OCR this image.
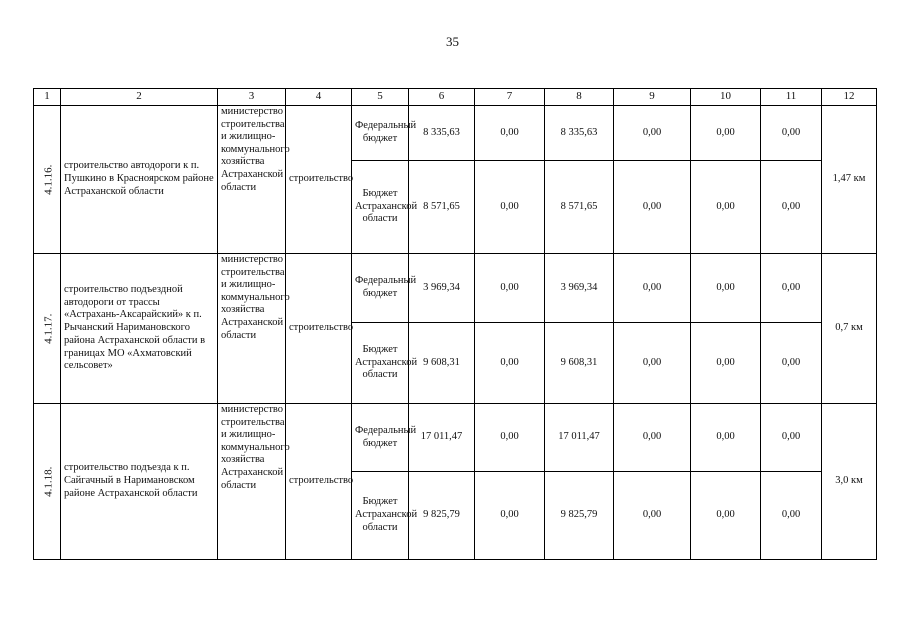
35
1	2	3	4	5	6	7	8	9	10	11	12
4.1.16.	строительство автодороги к п. Пушкино в Красноярском районе Астраханской области	министерство строительства и жилищно-коммунального хозяйства Астраханской области	строительство	Федеральный бюджет	8 335,63	0,00	8 335,63	0,00	0,00	0,00	1,47 км
				Бюджет Астраханской области	8 571,65	0,00	8 571,65	0,00	0,00	0,00	
4.1.17.	строительство подъездной автодороги от трассы «Астрахань-Аксарайский» к п. Рычанский Наримановского района Астраханской области в границах МО «Ахматовский сельсовет»	министерство строительства и жилищно-коммунального хозяйства Астраханской области	строительство	Федеральный бюджет	3 969,34	0,00	3 969,34	0,00	0,00	0,00	0,7 км
				Бюджет Астраханской области	9 608,31	0,00	9 608,31	0,00	0,00	0,00	
4.1.18.	строительство подъезда к п. Сайгачный в Наримановском районе Астраханской области	министерство строительства и жилищно-коммунального хозяйства Астраханской области	строительство	Федеральный бюджет	17 011,47	0,00	17 011,47	0,00	0,00	0,00	3,0 км
				Бюджет Астраханской области	9 825,79	0,00	9 825,79	0,00	0,00	0,00	
